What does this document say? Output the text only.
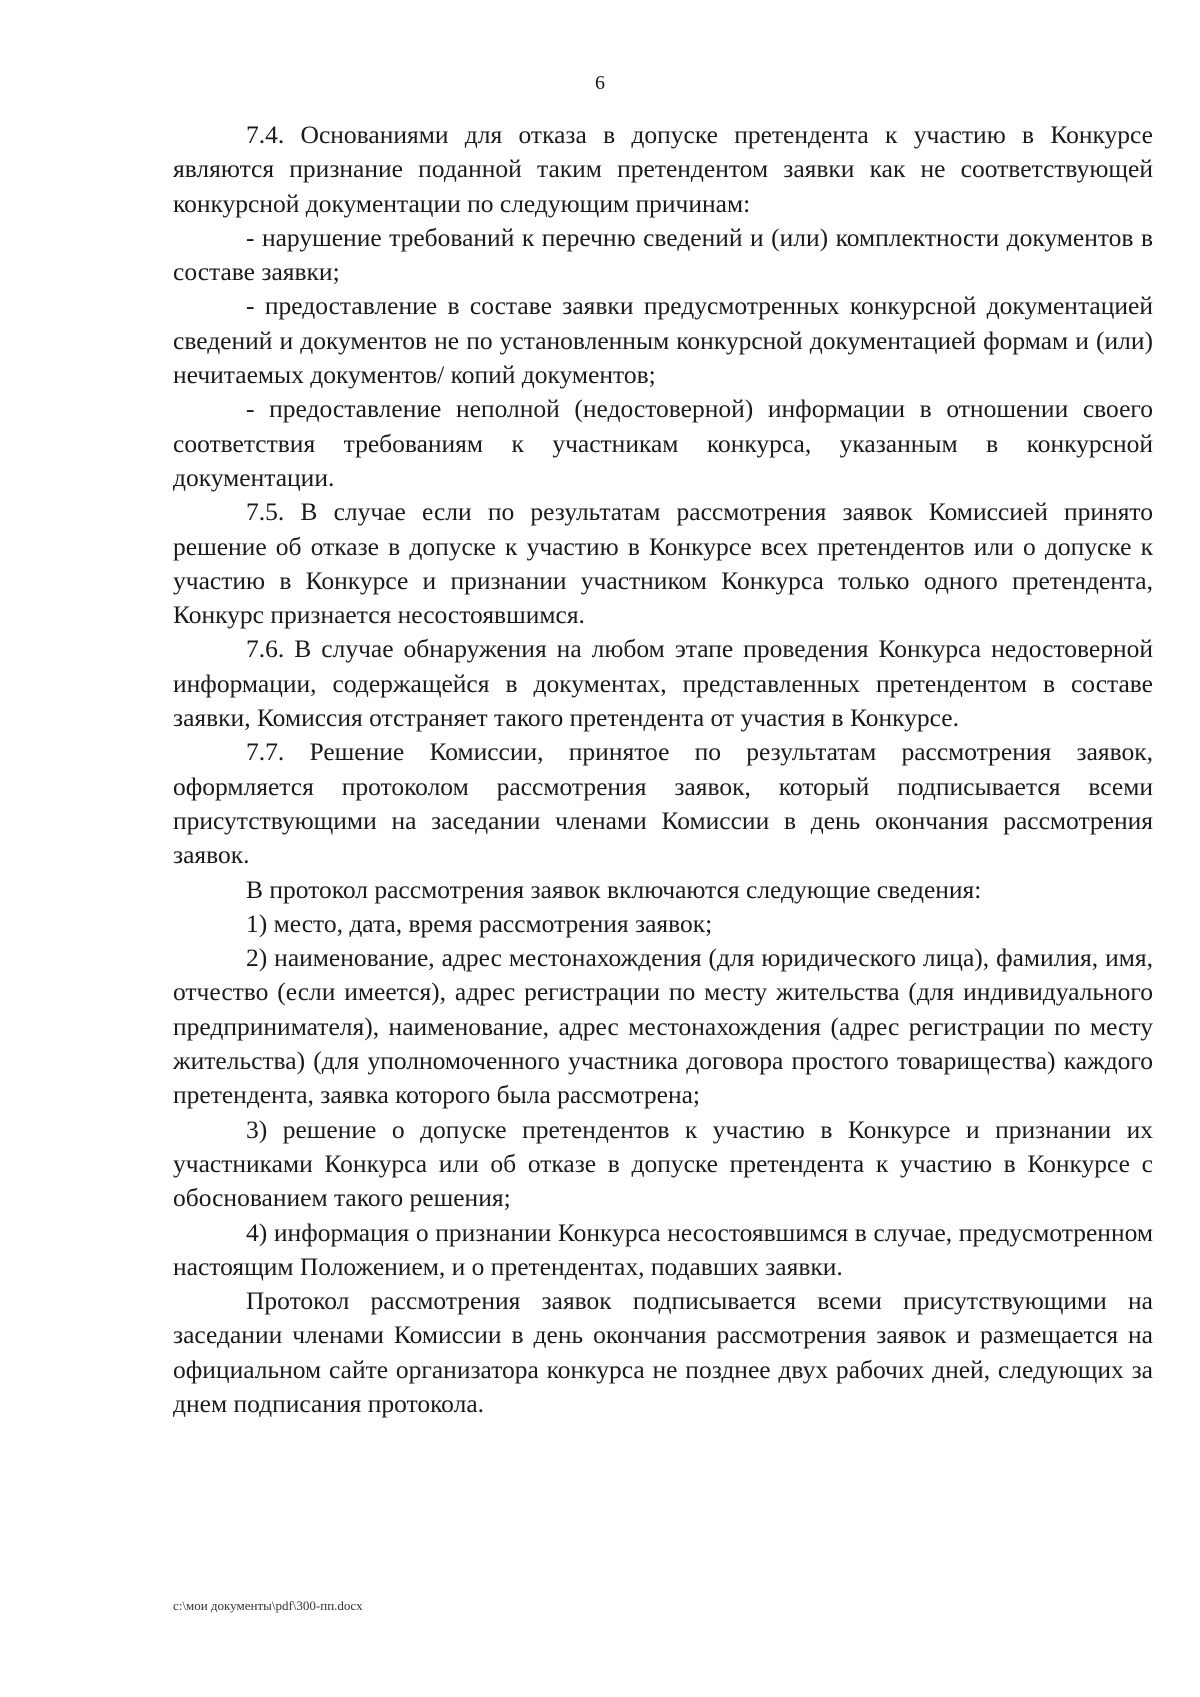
6

7.4. Основаниями для отказа в допуске претендента к участию в Конкурсе являются признание поданной таким претендентом заявки как не соответствующей конкурсной документации по следующим причинам:

- нарушение требований к перечню сведений и (или) комплектности документов в составе заявки;

- предоставление в составе заявки предусмотренных конкурсной документацией сведений и документов не по установленным конкурсной документацией формам и (или) нечитаемых документов/ копий документов;

- предоставление неполной (недостоверной) информации в отношении своего соответствия требованиям к участникам конкурса, указанным в конкурсной документации.

7.5. В случае если по результатам рассмотрения заявок Комиссией принято решение об отказе в допуске к участию в Конкурсе всех претендентов или о допуске к участию в Конкурсе и признании участником Конкурса только одного претендента, Конкурс признается несостоявшимся.

7.6. В случае обнаружения на любом этапе проведения Конкурса недостоверной информации, содержащейся в документах, представленных претендентом в составе заявки, Комиссия отстраняет такого претендента от участия в Конкурсе.

7.7. Решение Комиссии, принятое по результатам рассмотрения заявок, оформляется протоколом рассмотрения заявок, который подписывается всеми присутствующими на заседании членами Комиссии в день окончания рассмотрения заявок.

В протокол рассмотрения заявок включаются следующие сведения:

1) место, дата, время рассмотрения заявок;

2) наименование, адрес местонахождения (для юридического лица), фамилия, имя, отчество (если имеется), адрес регистрации по месту жительства (для индивидуального предпринимателя), наименование, адрес местонахождения (адрес регистрации по месту жительства) (для уполномоченного участника договора простого товарищества) каждого претендента, заявка которого была рассмотрена;

3) решение о допуске претендентов к участию в Конкурсе и признании их участниками Конкурса или об отказе в допуске претендента к участию в Конкурсе с обоснованием такого решения;

4) информация о признании Конкурса несостоявшимся в случае, предусмотренном настоящим Положением, и о претендентах, подавших заявки.

Протокол рассмотрения заявок подписывается всеми присутствующими на заседании членами Комиссии в день окончания рассмотрения заявок и размещается на официальном сайте организатора конкурса не позднее двух рабочих дней, следующих за днем подписания протокола.

c:\мои документы\pdf\300-пп.docx
